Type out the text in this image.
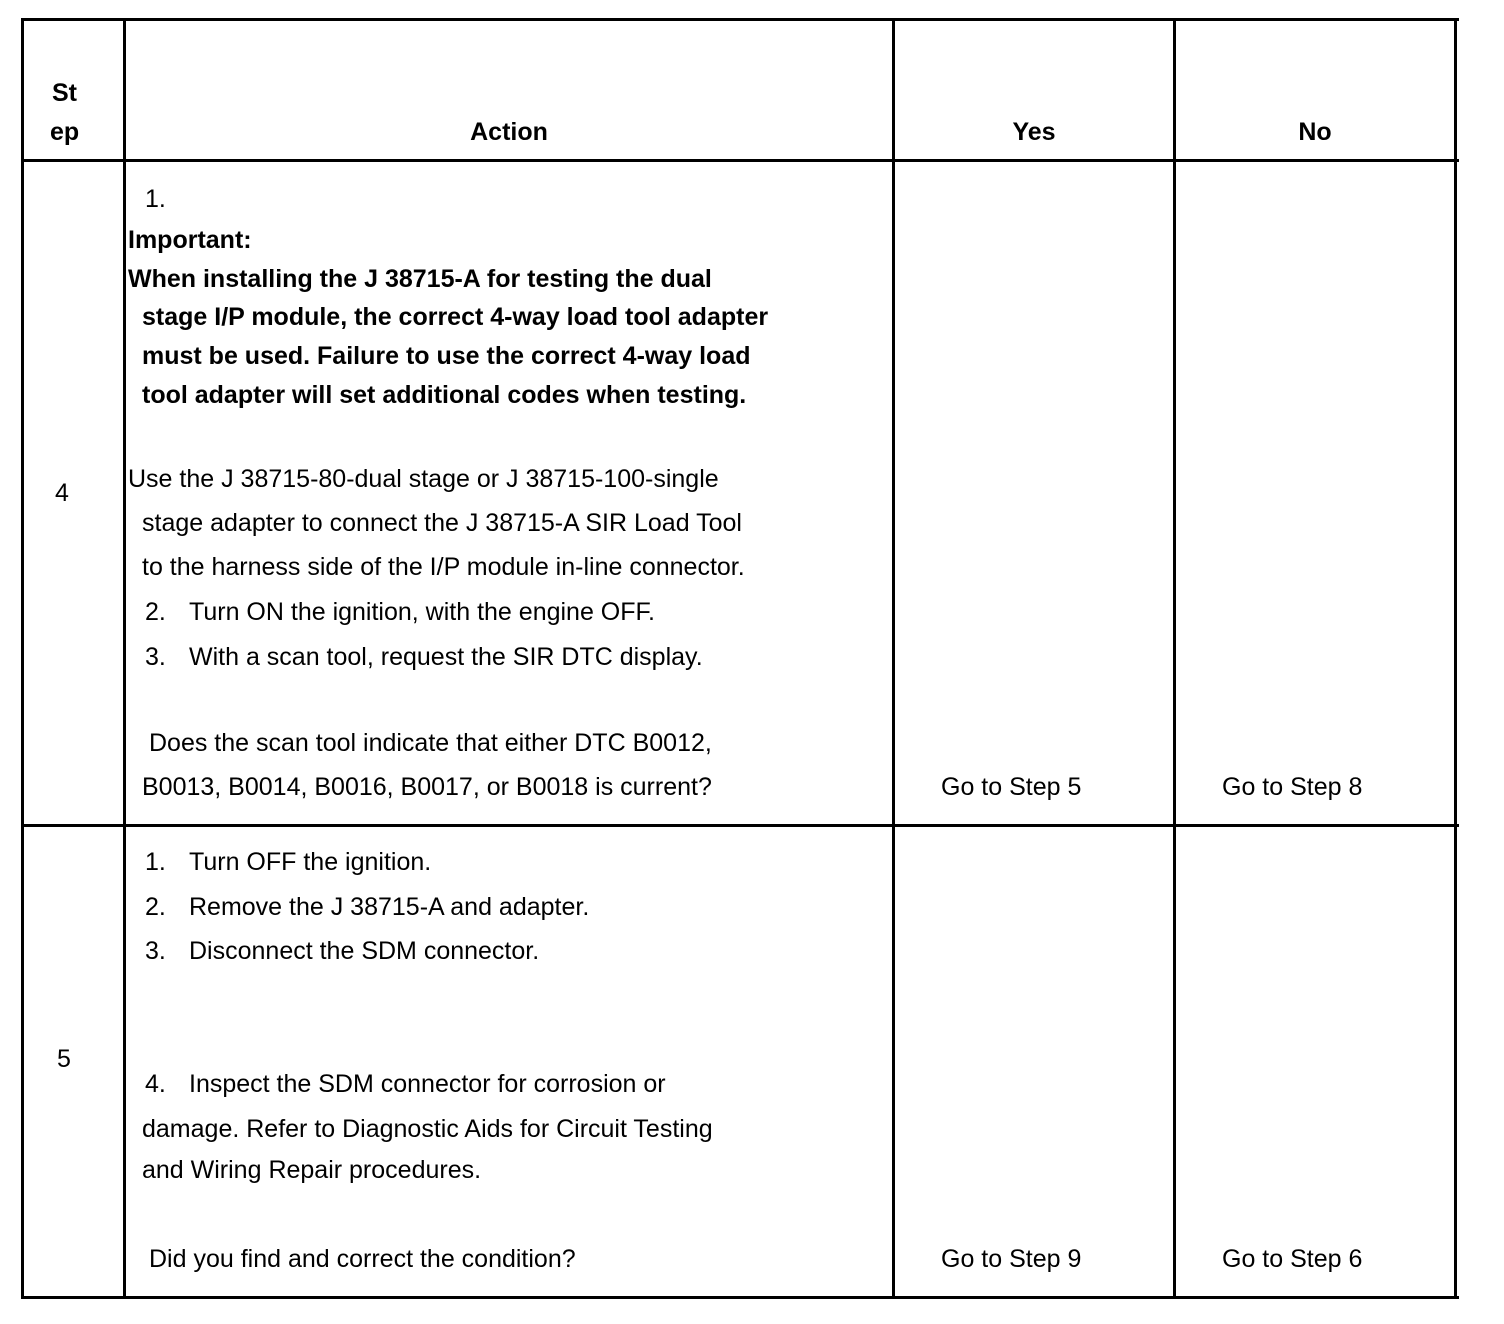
St
ep	Action	Yes	No
4
1.
Important:
When installing the J 38715-A for testing the dual
stage I/P module, the correct 4-way load tool adapter
must be used. Failure to use the correct 4-way load
tool adapter will set additional codes when testing.
Use the J 38715-80-dual stage or J 38715-100-single
stage adapter to connect the J 38715-A SIR Load Tool
to the harness side of the I/P module in-line connector.
2. Turn ON the ignition, with the engine OFF.
3. With a scan tool, request the SIR DTC display.
Does the scan tool indicate that either DTC B0012,
B0013, B0014, B0016, B0017, or B0018 is current?	Go to Step 5	Go to Step 8
5
1. Turn OFF the ignition.
2. Remove the J 38715-A and adapter.
3. Disconnect the SDM connector.
4. Inspect the SDM connector for corrosion or
damage. Refer to Diagnostic Aids for Circuit Testing
and Wiring Repair procedures.
Did you find and correct the condition?	Go to Step 9	Go to Step 6
